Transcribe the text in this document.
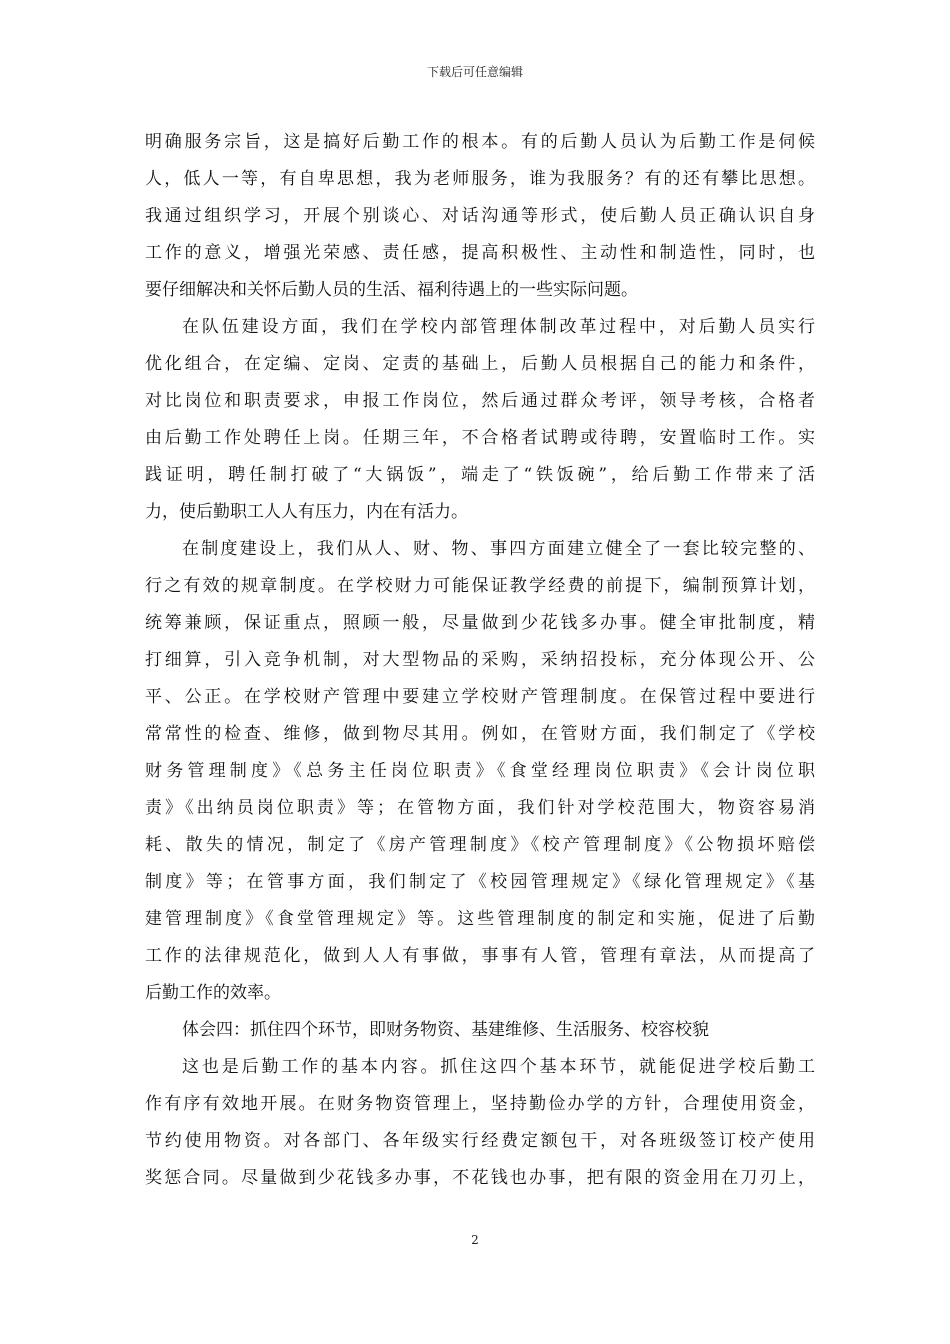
下载后可任意编辑
明确服务宗旨，这是搞好后勤工作的根本。有的后勤人员认为后勤工作是伺候
人，低人一等，有自卑思想，我为老师服务，谁为我服务？有的还有攀比思想。
我通过组织学习，开展个别谈心、对话沟通等形式，使后勤人员正确认识自身
工作的意义，增强光荣感、责任感，提高积极性、主动性和制造性，同时，也
要仔细解决和关怀后勤人员的生活、福利待遇上的一些实际问题。
在队伍建设方面，我们在学校内部管理体制改革过程中，对后勤人员实行
优化组合，在定编、定岗、定责的基础上，后勤人员根据自己的能力和条件，
对比岗位和职责要求，申报工作岗位，然后通过群众考评，领导考核，合格者
由后勤工作处聘任上岗。任期三年，不合格者试聘或待聘，安置临时工作。实
践证明，聘任制打破了“大锅饭”，端走了“铁饭碗”，给后勤工作带来了活
力，使后勤职工人人有压力，内在有活力。
在制度建设上，我们从人、财、物、事四方面建立健全了一套比较完整的、
行之有效的规章制度。在学校财力可能保证教学经费的前提下，编制预算计划，
统筹兼顾，保证重点，照顾一般，尽量做到少花钱多办事。健全审批制度，精
打细算，引入竞争机制，对大型物品的采购，采纳招投标，充分体现公开、公
平、公正。在学校财产管理中要建立学校财产管理制度。在保管过程中要进行
常常性的检查、维修，做到物尽其用。例如，在管财方面，我们制定了《学校
财务管理制度》《总务主任岗位职责》《食堂经理岗位职责》《会计岗位职
责》《出纳员岗位职责》等；在管物方面，我们针对学校范围大，物资容易消
耗、散失的情况，制定了《房产管理制度》《校产管理制度》《公物损坏赔偿
制度》等；在管事方面，我们制定了《校园管理规定》《绿化管理规定》《基
建管理制度》《食堂管理规定》等。这些管理制度的制定和实施，促进了后勤
工作的法律规范化，做到人人有事做，事事有人管，管理有章法，从而提高了
后勤工作的效率。
体会四：抓住四个环节，即财务物资、基建维修、生活服务、校容校貌
这也是后勤工作的基本内容。抓住这四个基本环节，就能促进学校后勤工
作有序有效地开展。在财务物资管理上，坚持勤俭办学的方针，合理使用资金，
节约使用物资。对各部门、各年级实行经费定额包干，对各班级签订校产使用
奖惩合同。尽量做到少花钱多办事，不花钱也办事，把有限的资金用在刀刃上，
2
